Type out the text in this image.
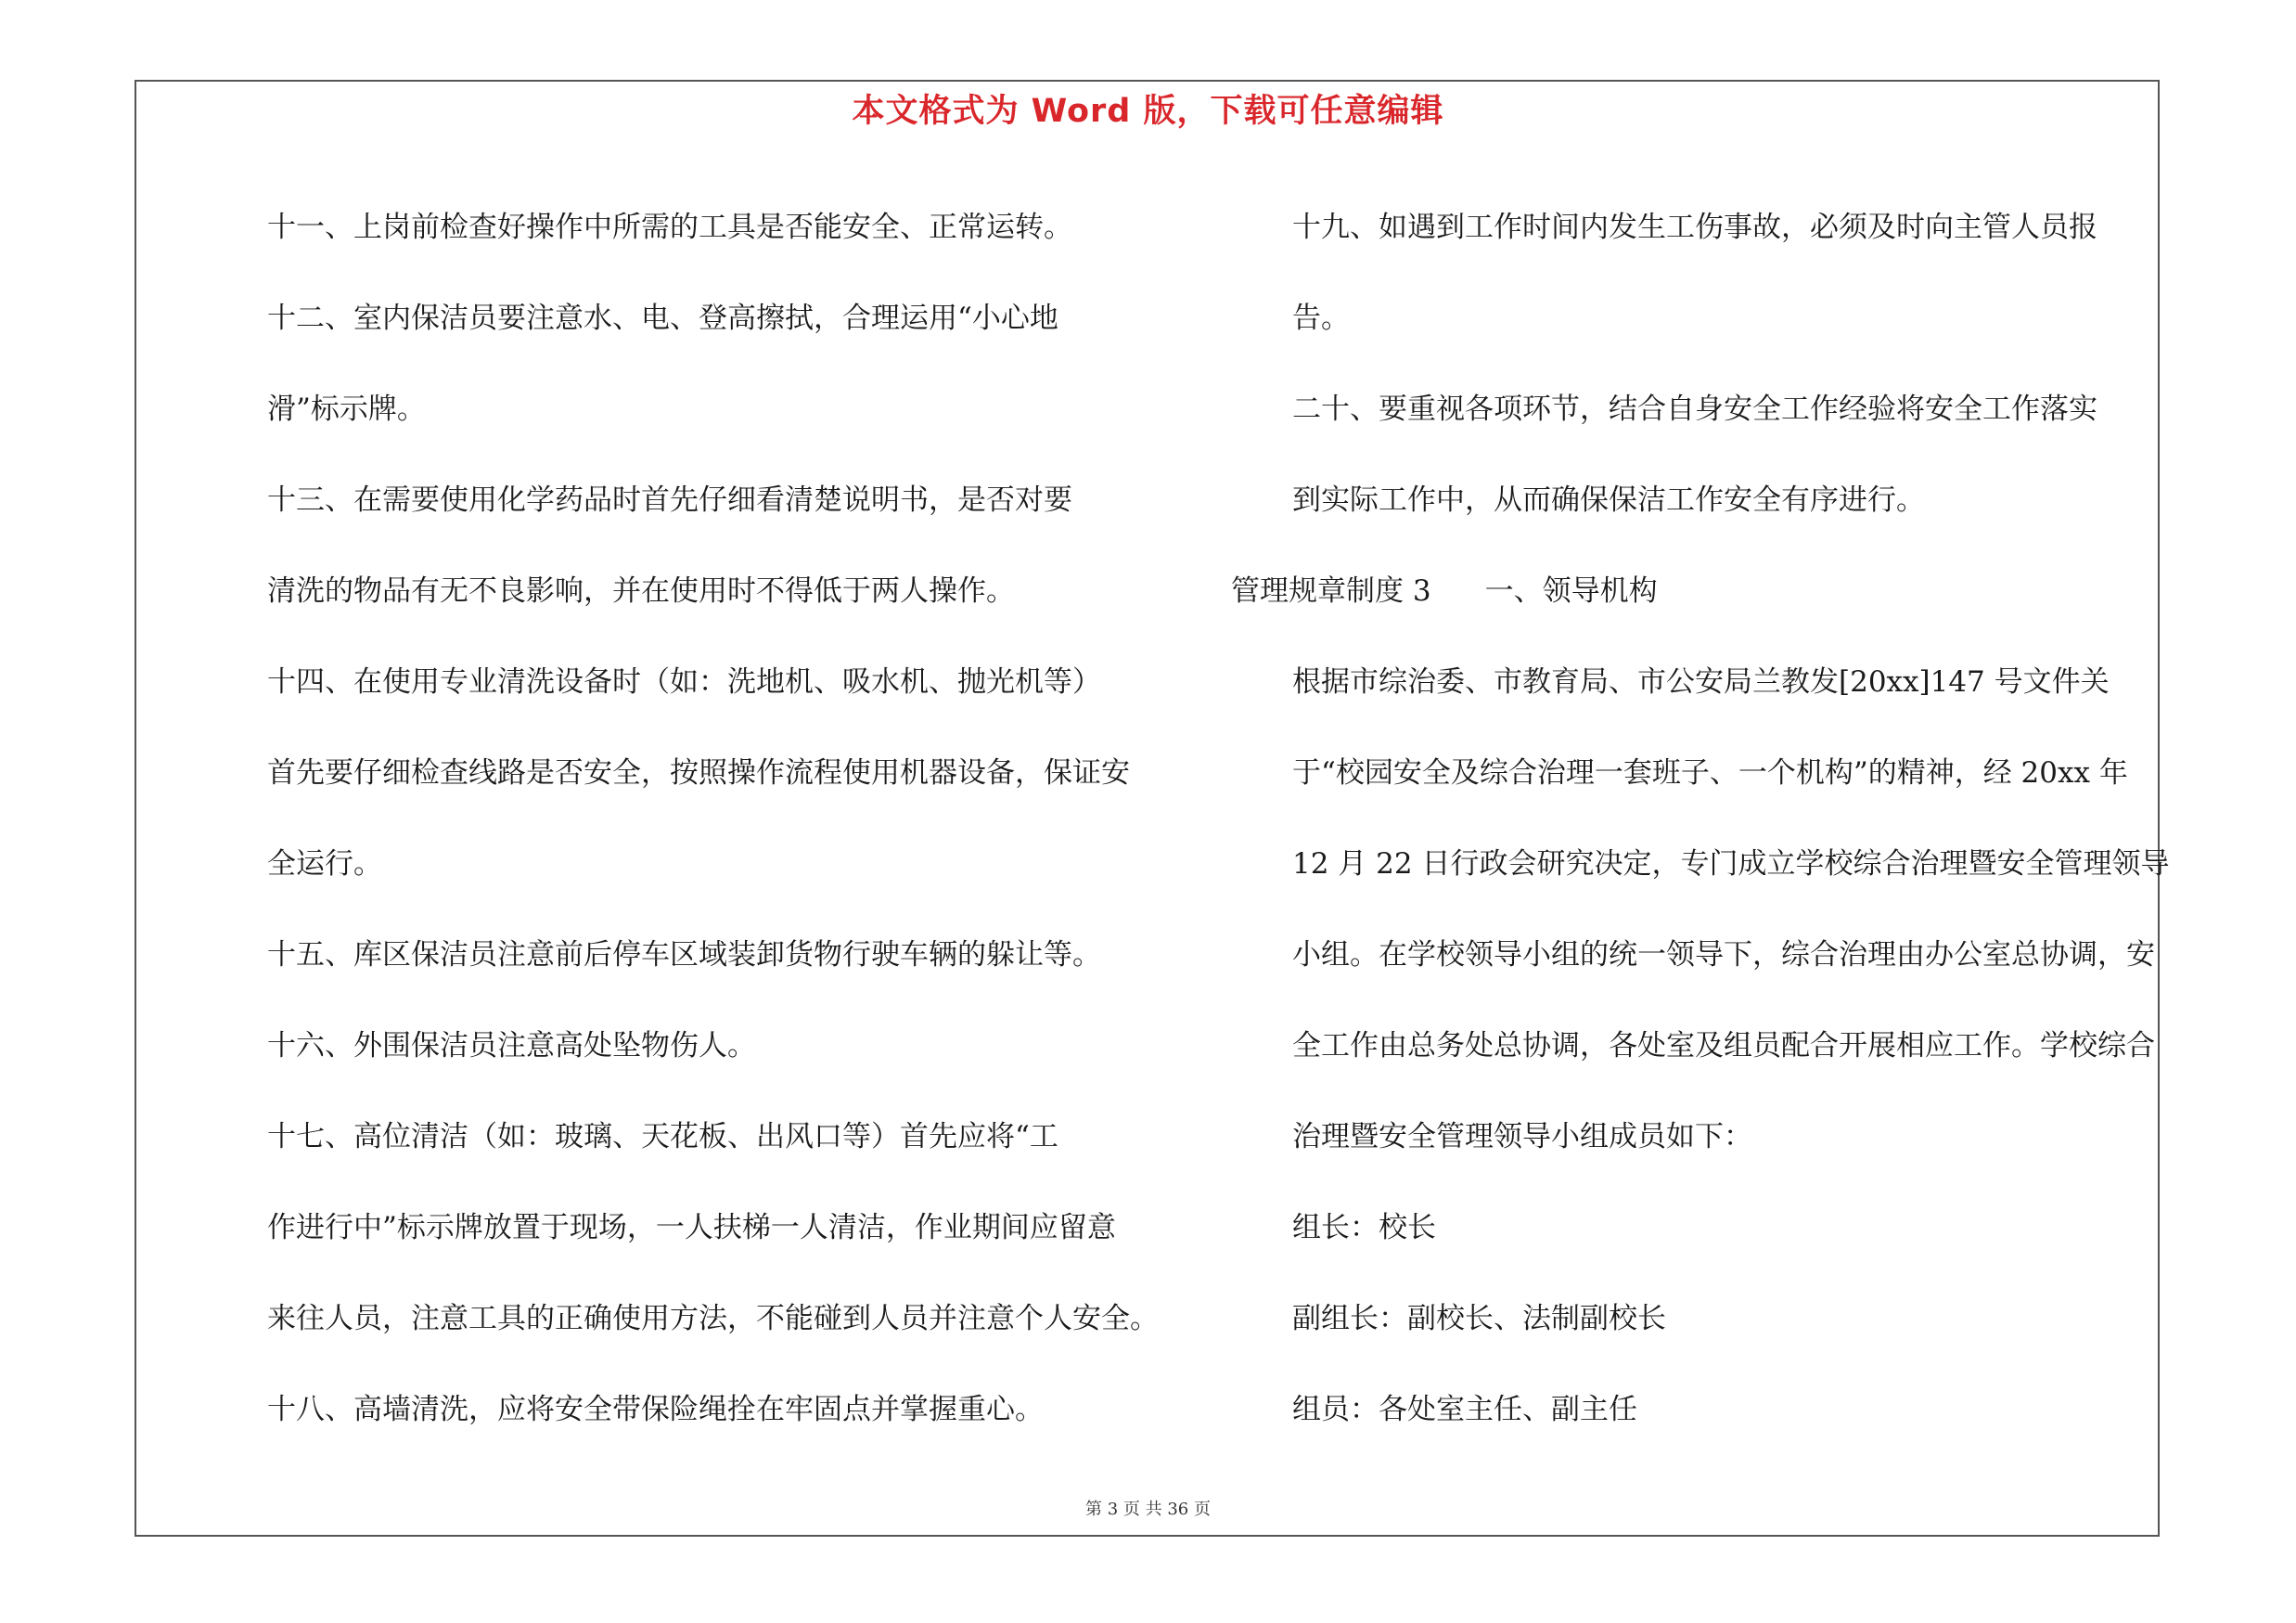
本文格式为 Word 版，下载可任意编辑

十一、上岗前检查好操作中所需的工具是否能安全、正常运转。

十二、室内保洁员要注意水、电、登高擦拭，合理运用“小心地
滑”标示牌。

十三、在需要使用化学药品时首先仔细看清楚说明书，是否对要
清洗的物品有无不良影响，并在使用时不得低于两人操作。

十四、在使用专业清洗设备时（如：洗地机、吸水机、抛光机等）
首先要仔细检查线路是否安全，按照操作流程使用机器设备，保证安
全运行。

十五、库区保洁员注意前后停车区域装卸货物行驶车辆的躲让等。

十六、外围保洁员注意高处坠物伤人。

十七、高位清洁（如：玻璃、天花板、出风口等）首先应将“工
作进行中”标示牌放置于现场，一人扶梯一人清洁，作业期间应留意
来往人员，注意工具的正确使用方法，不能碰到人员并注意个人安全。

十八、高墙清洗，应将安全带保险绳拴在牢固点并掌握重心。

十九、如遇到工作时间内发生工伤事故，必须及时向主管人员报
告。

二十、要重视各项环节，结合自身安全工作经验将安全工作落实
到实际工作中，从而确保保洁工作安全有序进行。

管理规章制度 3 一、领导机构

根据市综治委、市教育局、市公安局兰教发[20xx]147 号文件关
于“校园安全及综合治理一套班子、一个机构”的精神，经 20xx 年
12 月 22 日行政会研究决定，专门成立学校综合治理暨安全管理领导
小组。在学校领导小组的统一领导下，综合治理由办公室总协调，安
全工作由总务处总协调，各处室及组员配合开展相应工作。学校综合
治理暨安全管理领导小组成员如下：

组长：校长

副组长：副校长、法制副校长

组员：各处室主任、副主任

第 3 页 共 36 页
